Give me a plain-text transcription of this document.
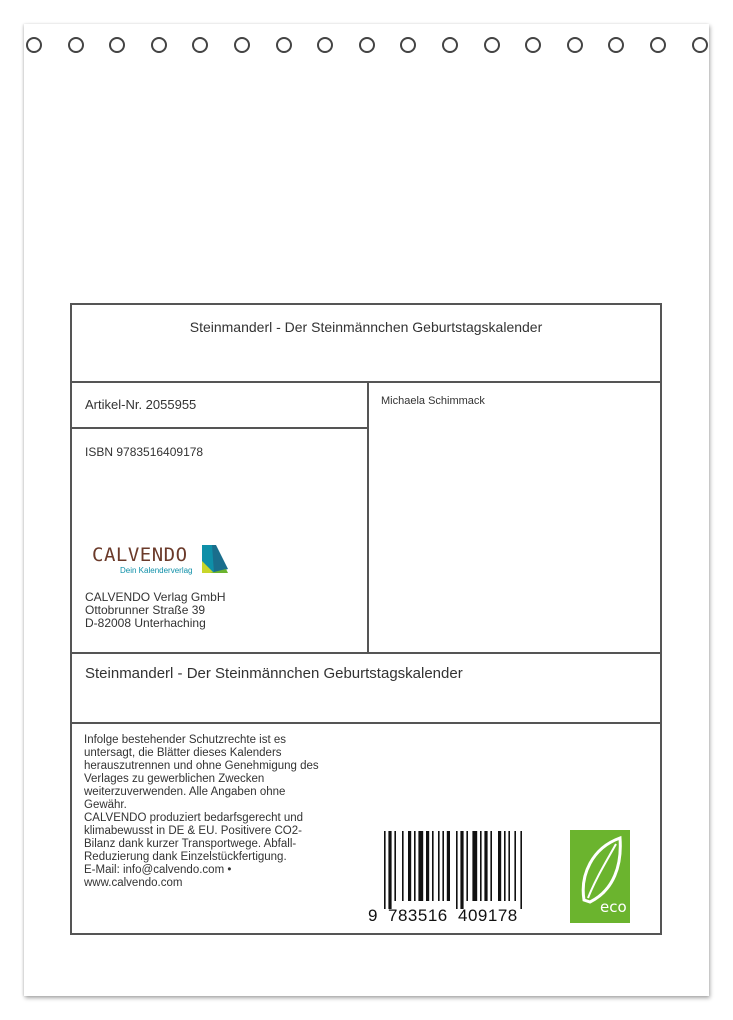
Steinmanderl - Der Steinmännchen Geburtstagskalender
Artikel-Nr. 2055955	Michaela Schimmack
ISBN 9783516409178
CALVENDO
Dein Kalenderverlag
CALVENDO Verlag GmbH
Ottobrunner Straße 39
D-82008 Unterhaching
Steinmanderl - Der Steinmännchen Geburtstagskalender
Infolge bestehender Schutzrechte ist es
untersagt, die Blätter dieses Kalenders
herauszutrennen und ohne Genehmigung des
Verlages zu gewerblichen Zwecken
weiterzuverwenden. Alle Angaben ohne
Gewähr.
CALVENDO produziert bedarfsgerecht und
klimabewusst in DE & EU. Positivere CO2-
Bilanz dank kurzer Transportwege. Abfall-
Reduzierung dank Einzelstückfertigung.
E-Mail: info@calvendo.com •
www.calvendo.com
9 783516 409178	eco
